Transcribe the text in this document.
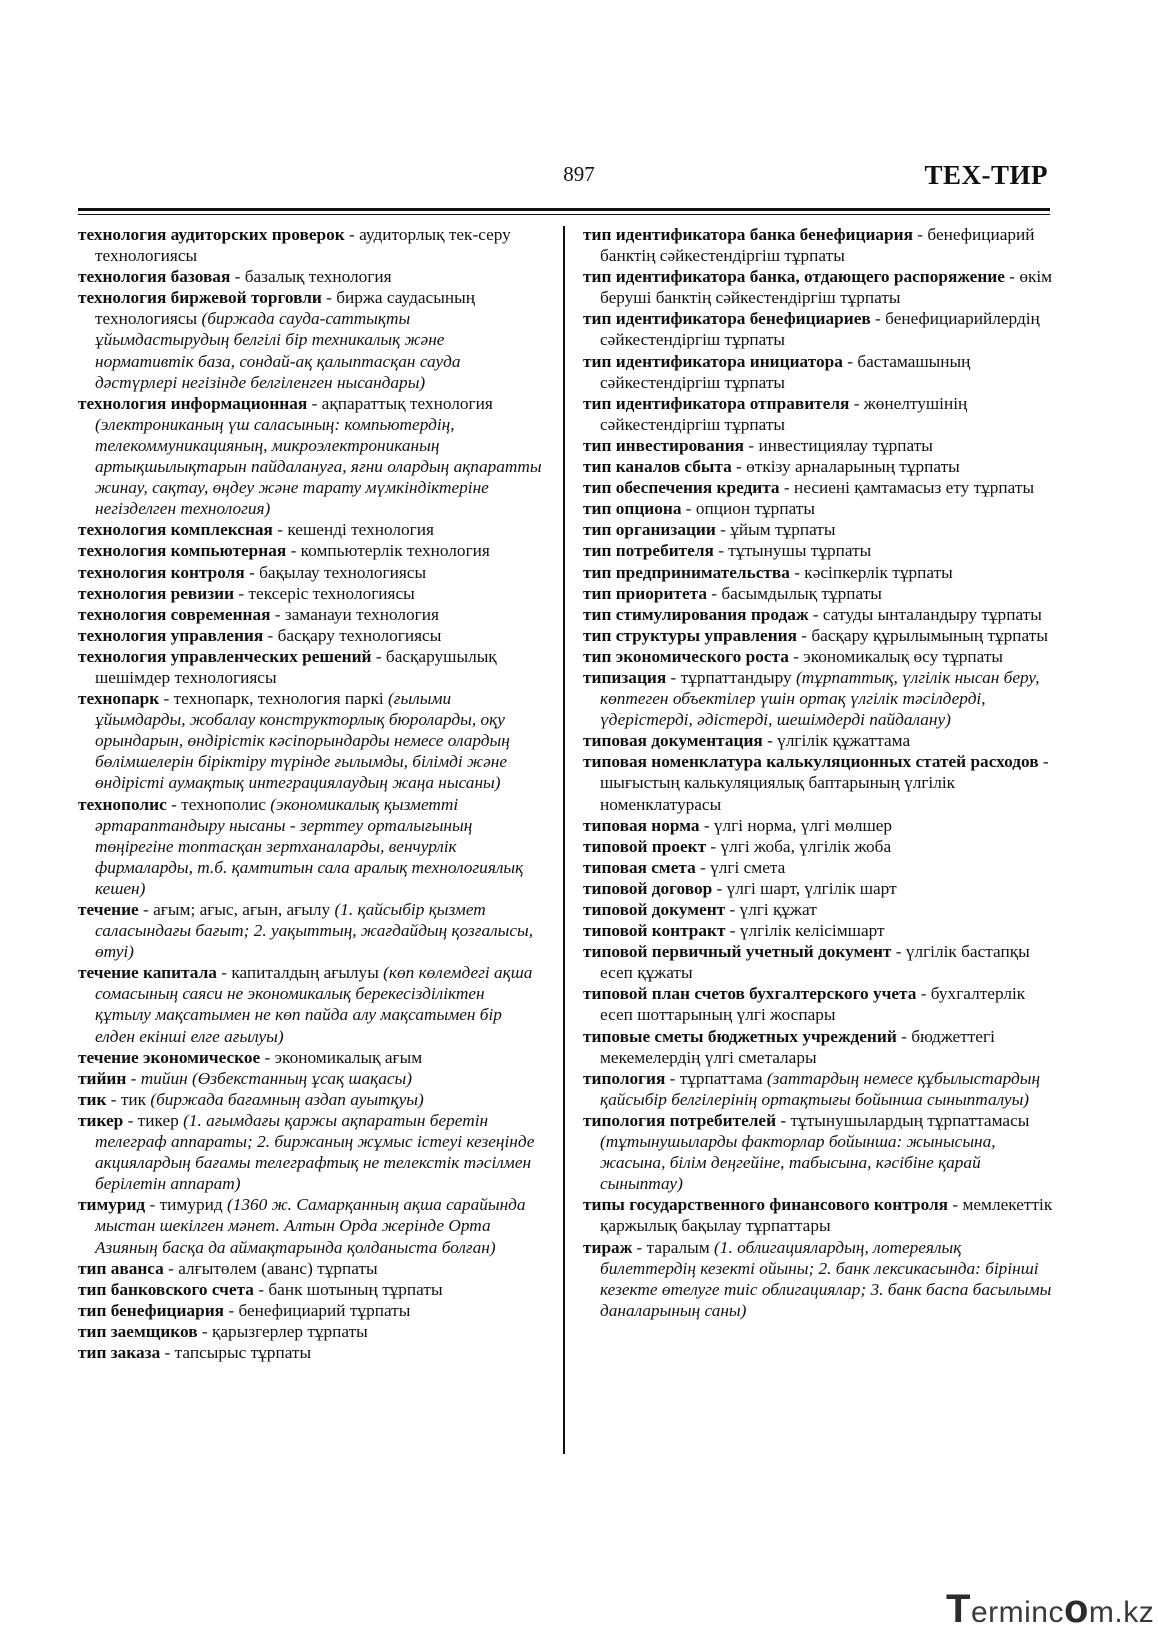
897	ТЕХ-ТИР

технология аудиторских проверок - аудиторлық тек-серу технологиясы

технология базовая - базалық технология

технология биржевой торговли - биржа саудасының технологиясы (биржада сауда-саттықты ұйымдастырудың белгілі бір техникалық және нормативтік база, сондай-ақ қалыптасқан сауда дәстүрлері негізінде белгіленген нысандары)

технология информационная - ақпараттық технология (электрониканың үш саласының: компьютердің, телекоммуникацияның, микроэлектрониканың артықшылықтарын пайдалануға, яғни олардың ақпаратты жинау, сақтау, өңдеу және тарату мүмкіндіктеріне негізделген технология)

технология комплексная - кешенді технология

технология компьютерная - компьютерлік технология

технология контроля - бақылау технологиясы

технология ревизии - тексеріс технологиясы

технология современная - заманауи технология

технология управления - басқару технологиясы

технология управленческих решений - басқарушылық шешімдер технологиясы

технопарк - технопарк, технология паркі (ғылыми ұйымдарды, жобалау конструкторлық бюроларды, оқу орындарын, өндірістік кәсіпорындарды немесе олардың бөлімшелерін біріктіру түрінде ғылымды, білімді және өндірісті аумақтық интеграциялаудың жаңа нысаны)

технополис - технополис (экономикалық қызметті әртараптандыру нысаны - зерттеу орталығының төңірегіне топтасқан зертханаларды, венчурлік фирмаларды, т.б. қамтитын сала аралық технологиялық кешен)

течение - ағым; ағыс, ағын, ағылу (1. қайсыбір қызмет саласындағы бағыт; 2. уақыттың, жағдайдың қозғалысы, өтуі)

течение капитала - капиталдың ағылуы (көп көлемдегі ақша сомасының саяси не экономикалық берекесізділіктен құтылу мақсатымен не көп пайда алу мақсатымен бір елден екінші елге ағылуы)

течение экономическое - экономикалық ағым

тийин - тийин (Өзбекстанның ұсақ шақасы)

тик - тик (биржада бағамның аздап ауытқуы)

тикер - тикер (1. ағымдағы қаржы ақпаратын беретін телеграф аппараты; 2. биржаның жұмыс істеуі кезеңінде акциялардың бағамы телеграфтық не телекстік тәсілмен берілетін аппарат)

тимурид - тимурид (1360 ж. Самарқанның ақша сарайында мыстан шекілген мәнет. Алтын Орда жерінде Орта Азияның басқа да аймақтарында қолданыста болған)

тип аванса - алғытөлем (аванс) тұрпаты

тип банковского счета - банк шотының тұрпаты

тип бенефициария - бенефициарий тұрпаты

тип заемщиков - қарызгерлер тұрпаты

тип заказа - тапсырыс тұрпаты

тип идентификатора банка бенефициария - бенефициарий банктің сәйкестендіргіш тұрпаты

тип идентификатора банка, отдающего распоряжение - өкім беруші банктің сәйкестендіргіш тұрпаты

тип идентификатора бенефициариев - бенефициарийлердің сәйкестендіргіш тұрпаты

тип идентификатора инициатора - бастамашының сәйкестендіргіш тұрпаты

тип идентификатора отправителя - жөнелтушінің сәйкестендіргіш тұрпаты

тип инвестирования - инвестициялау тұрпаты

тип каналов сбыта - өткізу арналарының тұрпаты

тип обеспечения кредита - несиені қамтамасыз ету тұрпаты

тип опциона - опцион тұрпаты

тип организации - ұйым тұрпаты

тип потребителя - тұтынушы тұрпаты

тип предпринимательства - кәсіпкерлік тұрпаты

тип приоритета - басымдылық тұрпаты

тип стимулирования продаж - сатуды ынталандыру тұрпаты

тип структуры управления - басқару құрылымының тұрпаты

тип экономического роста - экономикалық өсу тұрпаты

типизация - тұрпаттандыру (тұрпаттық, үлгілік нысан беру, көптеген объектілер үшін ортақ үлгілік тәсілдерді, үдерістерді, әдістерді, шешімдерді пайдалану)

типовая документация - үлгілік құжаттама

типовая номенклатура калькуляционных статей расходов - шығыстың калькуляциялық баптарының үлгілік номенклатурасы

типовая норма - үлгі норма, үлгі мөлшер

типовой проект - үлгі жоба, үлгілік жоба

типовая смета - үлгі смета

типовой договор - үлгі шарт, үлгілік шарт

типовой документ - үлгі құжат

типовой контракт - үлгілік келісімшарт

типовой первичный учетный документ - үлгілік бастапқы есеп құжаты

типовой план счетов бухгалтерского учета - бухгалтерлік есеп шоттарының үлгі жоспары

типовые сметы бюджетных учреждений - бюджеттегі мекемелердің үлгі сметалары

типология - тұрпаттама (заттардың немесе құбылыстардың қайсыбір белгілерінің ортақтығы бойынша сыныпталуы)

типология потребителей - тұтынушылардың тұрпаттамасы (тұтынушыларды факторлар бойынша: жынысына, жасына, білім деңгейіне, табысына, кәсібіне қарай сыныптау)

типы государственного финансового контроля - мемлекеттік қаржылық бақылау тұрпаттары

тираж - таралым (1. облигациялардың, лотереялық билеттердің кезекті ойыны; 2. банк лексикасында: бірінші кезекте өтелуге тиіс облигациялар; 3. банк баспа басылымы даналарының саны)

Termincom.kz
